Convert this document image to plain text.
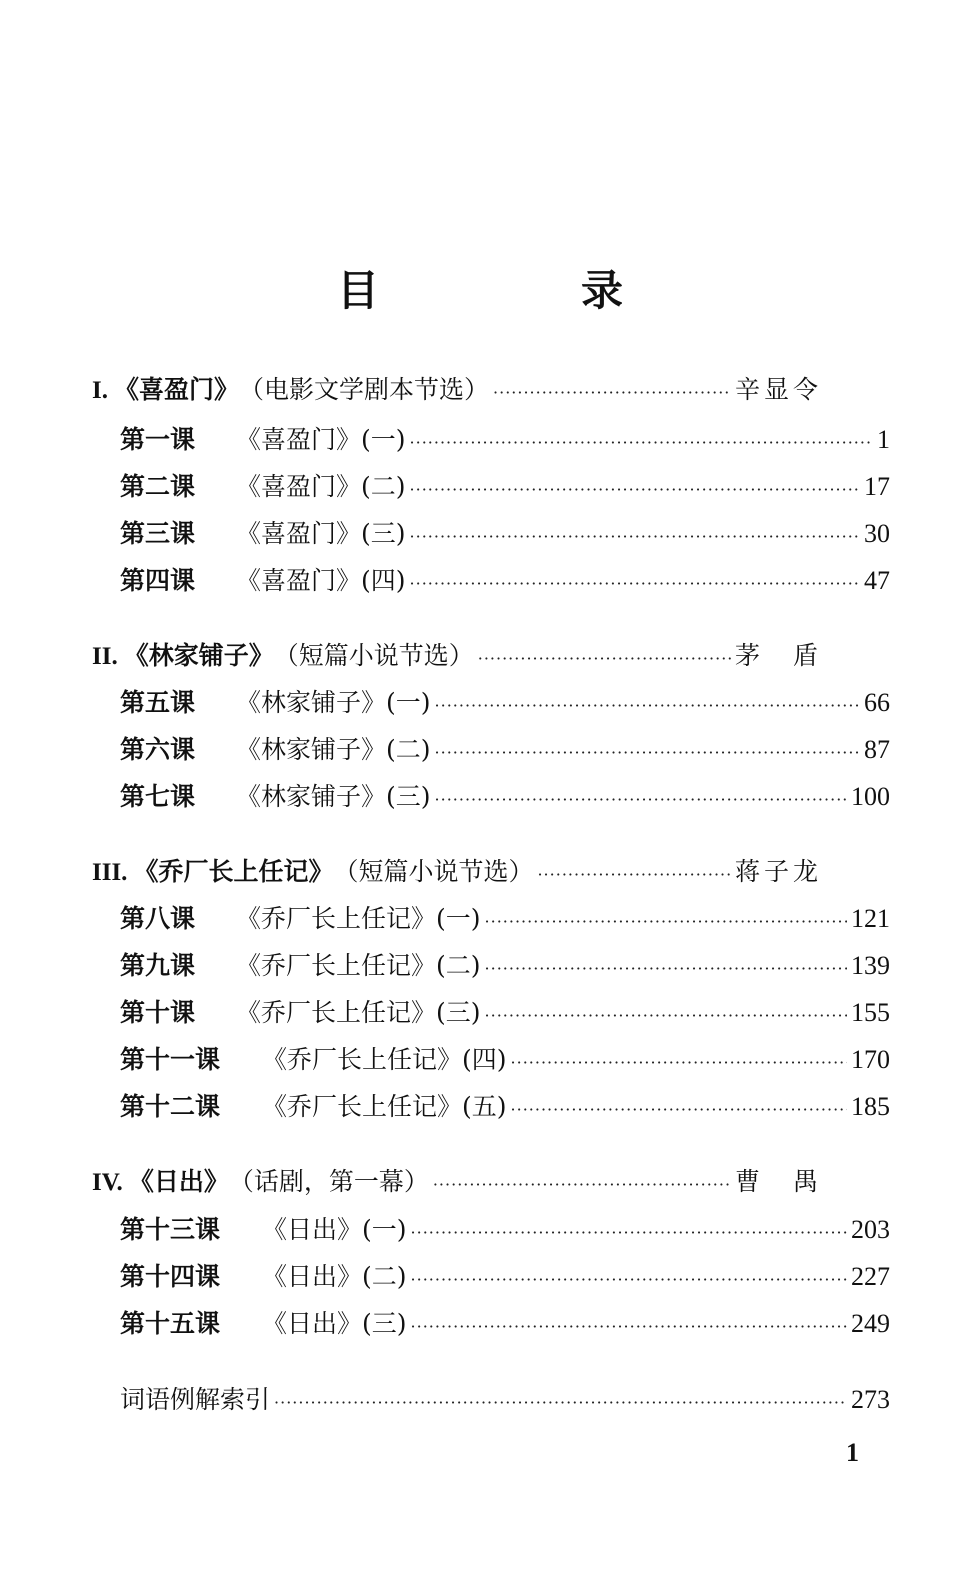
目　录
I. 《喜盈门》 （电影文学剧本节选） ·····	辛显令
第一课	《喜盈门》(一) ·····	1
第二课	《喜盈门》(二) ·····	17
第三课	《喜盈门》(三) ·····	30
第四课	《喜盈门》(四) ·····	47
II. 《林家铺子》 （短篇小说节选） ·····	茅　盾
第五课	《林家铺子》(一) ·····	66
第六课	《林家铺子》(二) ·····	87
第七课	《林家铺子》(三) ·····	100
III. 《乔厂长上任记》 （短篇小说节选） ·····	蒋子龙
第八课	《乔厂长上任记》(一) ·····	121
第九课	《乔厂长上任记》(二) ·····	139
第十课	《乔厂长上任记》(三) ·····	155
第十一课	《乔厂长上任记》(四) ·····	170
第十二课	《乔厂长上任记》(五) ·····	185
IV. 《日出》 （话剧，第一幕） ·····	曹　禺
第十三课	《日出》(一) ·····	203
第十四课	《日出》(二) ·····	227
第十五课	《日出》(三) ·····	249
词语例解索引 ·····	273
1
